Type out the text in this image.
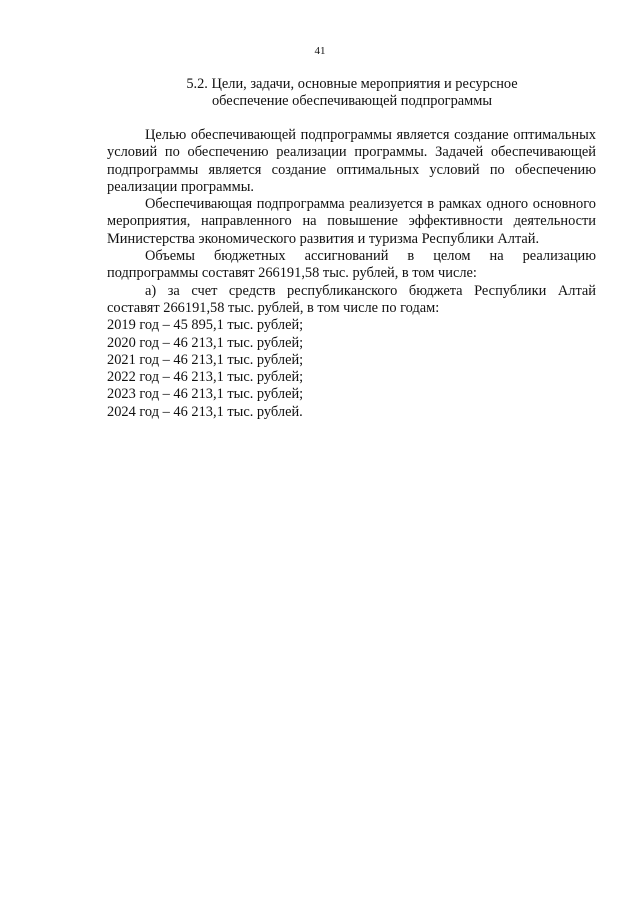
41
5.2. Цели, задачи, основные мероприятия и ресурсное
обеспечение обеспечивающей подпрограммы

Целью обеспечивающей подпрограммы является создание оптимальных условий по обеспечению реализации программы. Задачей обеспечивающей подпрограммы является создание оптимальных условий по обеспечению реализации программы.

Обеспечивающая подпрограмма реализуется в рамках одного основного мероприятия, направленного на повышение эффективности деятельности Министерства экономического развития и туризма Республики Алтай.

Объемы бюджетных ассигнований в целом на реализацию подпрограммы составят 266191,58 тыс. рублей, в том числе:

а) за счет средств республиканского бюджета Республики Алтай составят 266191,58 тыс. рублей, в том числе по годам:

2019 год – 45 895,1 тыс. рублей;
2020 год – 46 213,1 тыс. рублей;
2021 год – 46 213,1 тыс. рублей;
2022 год – 46 213,1 тыс. рублей;
2023 год – 46 213,1 тыс. рублей;
2024 год – 46 213,1 тыс. рублей.
